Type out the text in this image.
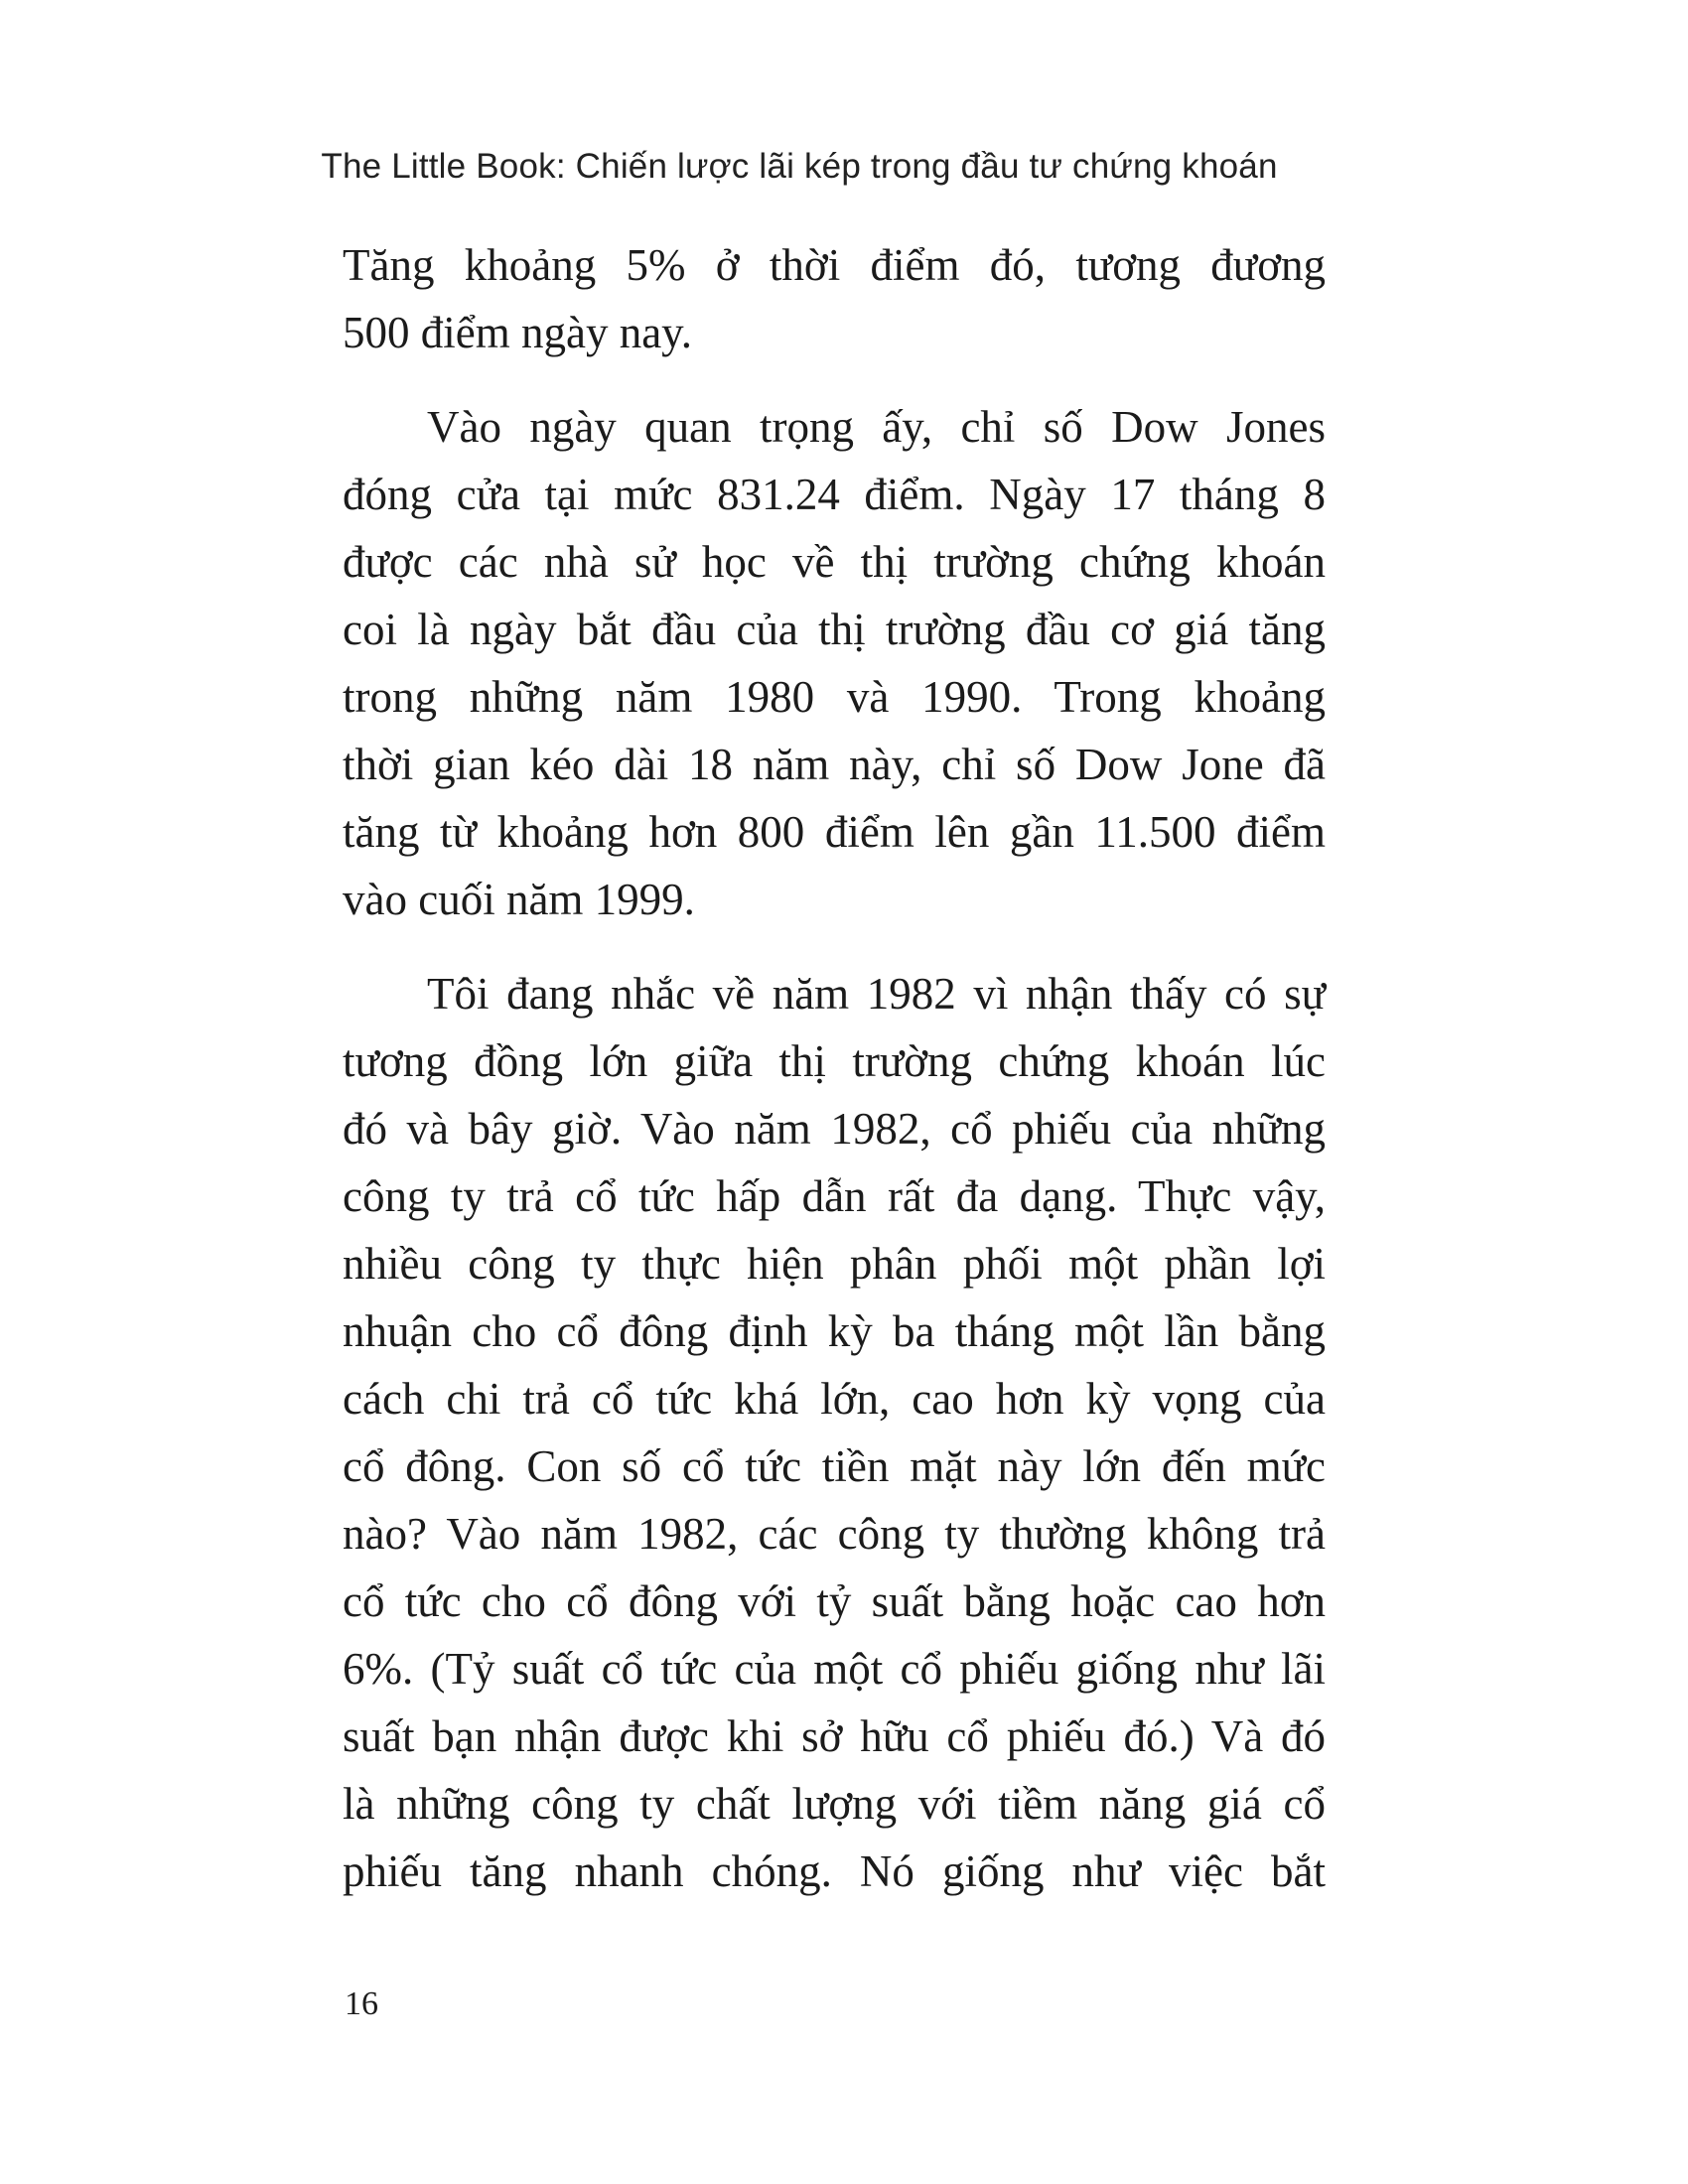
The Little Book: Chiến lược lãi kép trong đầu tư chứng khoán
Tăng khoảng 5% ở thời điểm đó, tương đương
500 điểm ngày nay.
Vào ngày quan trọng ấy, chỉ số Dow Jones
đóng cửa tại mức 831.24 điểm. Ngày 17 tháng 8
được các nhà sử học về thị trường chứng khoán
coi là ngày bắt đầu của thị trường đầu cơ giá tăng
trong những năm 1980 và 1990. Trong khoảng
thời gian kéo dài 18 năm này, chỉ số Dow Jone đã
tăng từ khoảng hơn 800 điểm lên gần 11.500 điểm
vào cuối năm 1999.
Tôi đang nhắc về năm 1982 vì nhận thấy có sự
tương đồng lớn giữa thị trường chứng khoán lúc
đó và bây giờ. Vào năm 1982, cổ phiếu của những
công ty trả cổ tức hấp dẫn rất đa dạng. Thực vậy,
nhiều công ty thực hiện phân phối một phần lợi
nhuận cho cổ đông định kỳ ba tháng một lần bằng
cách chi trả cổ tức khá lớn, cao hơn kỳ vọng của
cổ đông. Con số cổ tức tiền mặt này lớn đến mức
nào? Vào năm 1982, các công ty thường không trả
cổ tức cho cổ đông với tỷ suất bằng hoặc cao hơn
6%. (Tỷ suất cổ tức của một cổ phiếu giống như lãi
suất bạn nhận được khi sở hữu cổ phiếu đó.) Và đó
là những công ty chất lượng với tiềm năng giá cổ
phiếu tăng nhanh chóng. Nó giống như việc bắt
16
